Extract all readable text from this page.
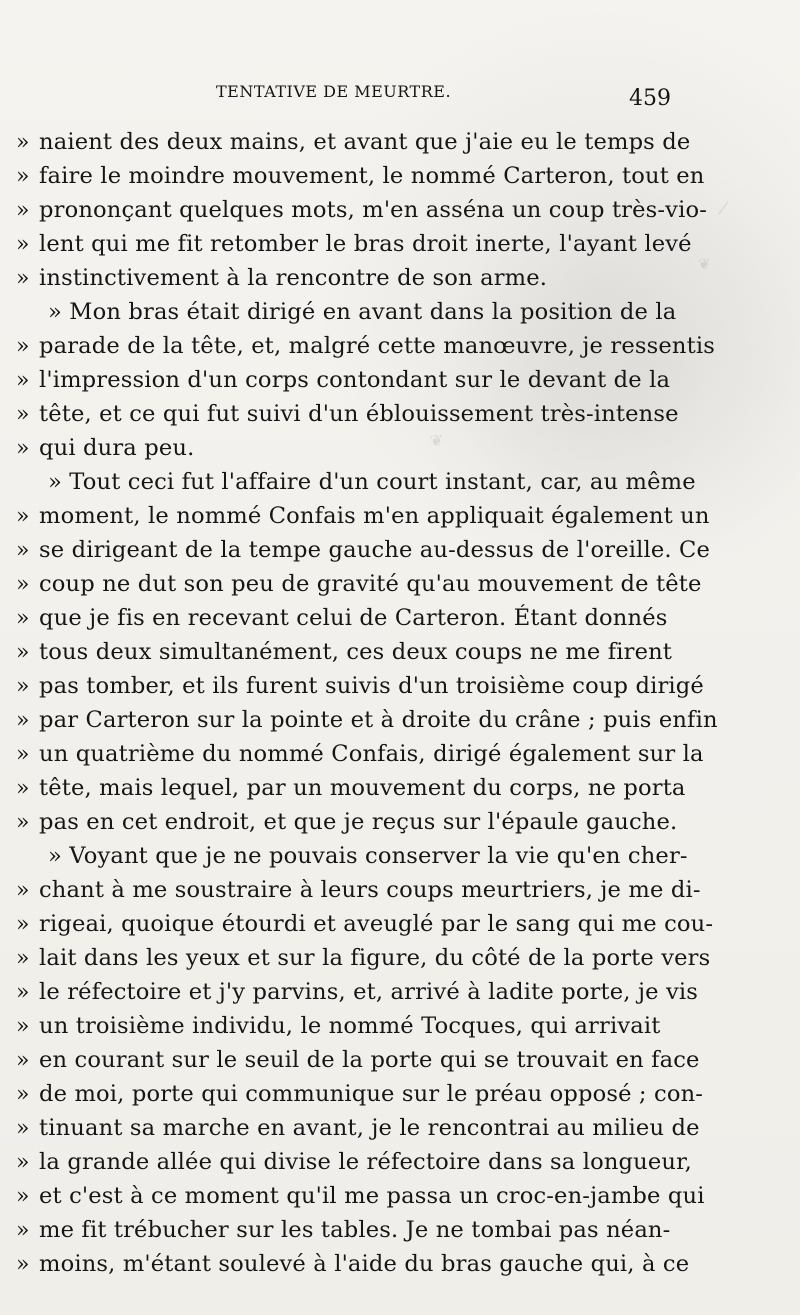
TENTATIVE DE MEURTRE.	459
❦
❦
/
» naient des deux mains, et avant que j'aie eu le temps de
» faire le moindre mouvement, le nommé Carteron, tout en
» prononçant quelques mots, m'en asséna un coup très-vio-
» lent qui me fit retomber le bras droit inerte, l'ayant levé
» instinctivement à la rencontre de son arme.
» Mon bras était dirigé en avant dans la position de la
» parade de la tête, et, malgré cette manœuvre, je ressentis
» l'impression d'un corps contondant sur le devant de la
» tête, et ce qui fut suivi d'un éblouissement très-intense
» qui dura peu.
» Tout ceci fut l'affaire d'un court instant, car, au même
» moment, le nommé Confais m'en appliquait également un
» se dirigeant de la tempe gauche au-dessus de l'oreille. Ce
» coup ne dut son peu de gravité qu'au mouvement de tête
» que je fis en recevant celui de Carteron. Étant donnés
» tous deux simultanément, ces deux coups ne me firent
» pas tomber, et ils furent suivis d'un troisième coup dirigé
» par Carteron sur la pointe et à droite du crâne ; puis enfin
» un quatrième du nommé Confais, dirigé également sur la
» tête, mais lequel, par un mouvement du corps, ne porta
» pas en cet endroit, et que je reçus sur l'épaule gauche.
» Voyant que je ne pouvais conserver la vie qu'en cher-
» chant à me soustraire à leurs coups meurtriers, je me di-
» rigeai, quoique étourdi et aveuglé par le sang qui me cou-
» lait dans les yeux et sur la figure, du côté de la porte vers
» le réfectoire et j'y parvins, et, arrivé à ladite porte, je vis
» un troisième individu, le nommé Tocques, qui arrivait
» en courant sur le seuil de la porte qui se trouvait en face
» de moi, porte qui communique sur le préau opposé ; con-
» tinuant sa marche en avant, je le rencontrai au milieu de
» la grande allée qui divise le réfectoire dans sa longueur,
» et c'est à ce moment qu'il me passa un croc-en-jambe qui
» me fit trébucher sur les tables. Je ne tombai pas néan-
» moins, m'étant soulevé à l'aide du bras gauche qui, à ce
